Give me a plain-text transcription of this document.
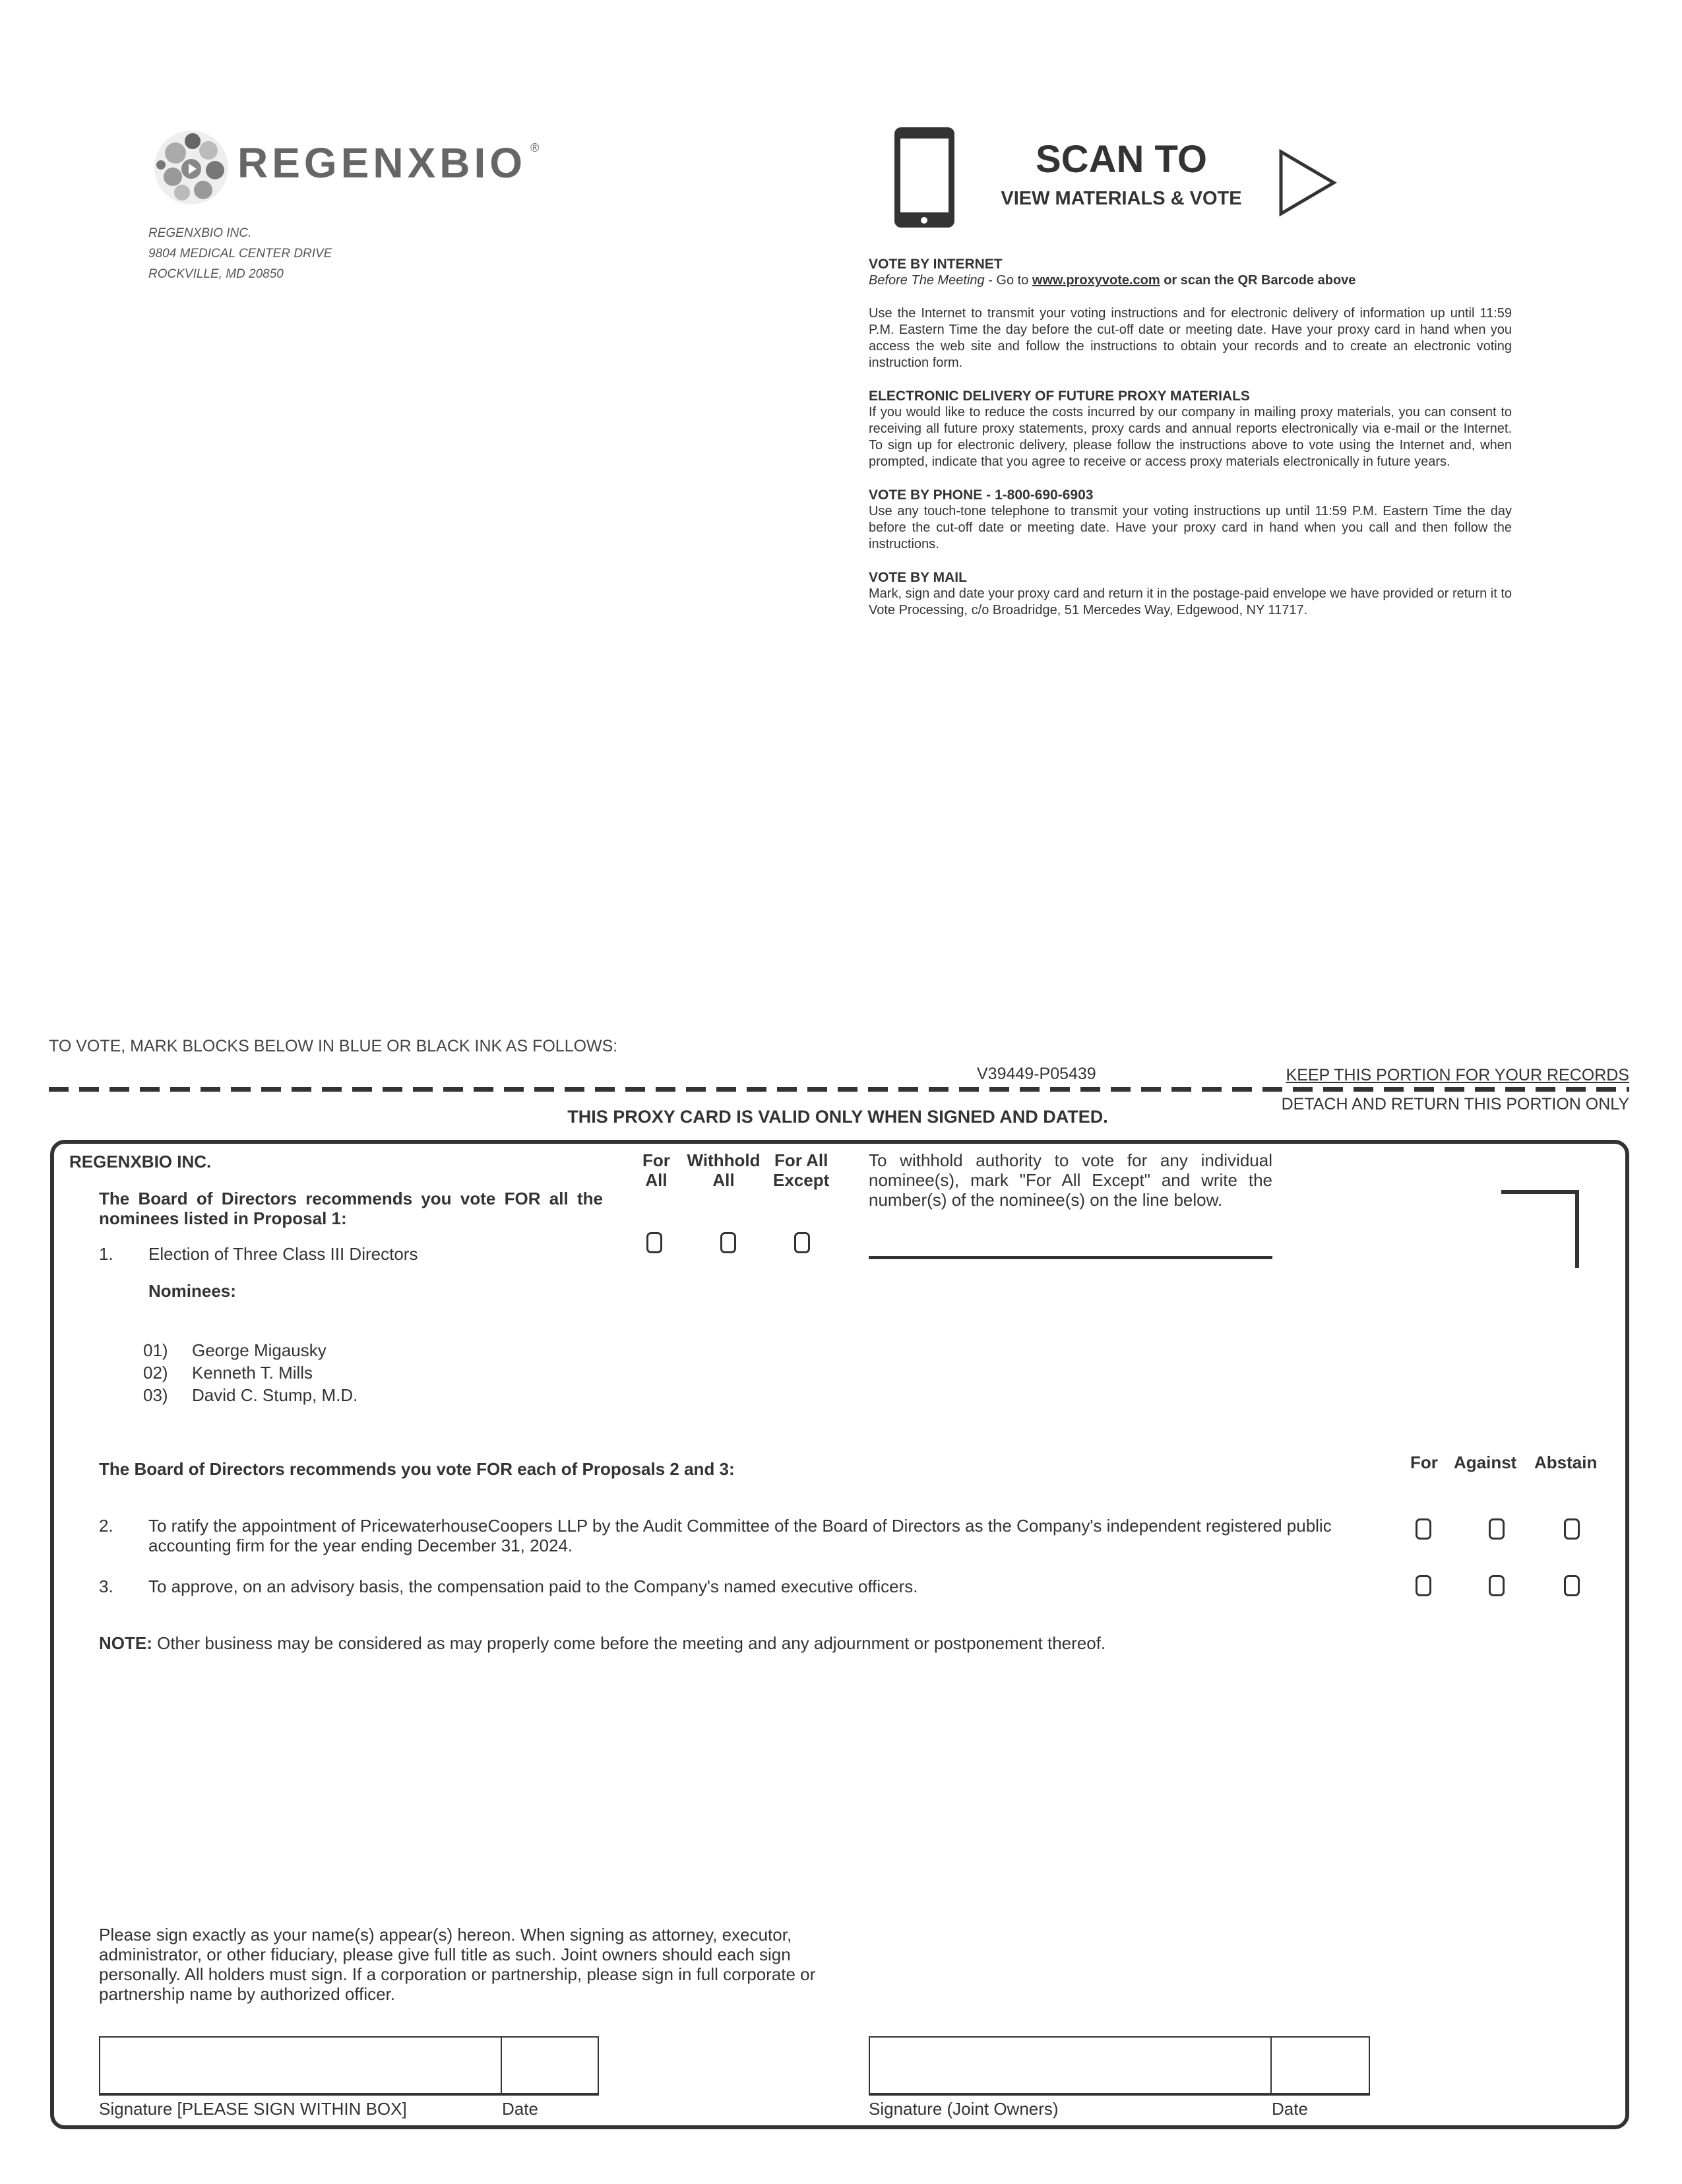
REGENXBIO ®
REGENXBIO INC.
9804 MEDICAL CENTER DRIVE
ROCKVILLE, MD 20850
SCAN TO
VIEW MATERIALS & VOTE
VOTE BY INTERNET

Before The Meeting - Go to www.proxyvote.com or scan the QR Barcode above

Use the Internet to transmit your voting instructions and for electronic delivery of information up until 11:59 P.M. Eastern Time the day before the cut-off date or meeting date. Have your proxy card in hand when you access the web site and follow the instructions to obtain your records and to create an electronic voting instruction form.

ELECTRONIC DELIVERY OF FUTURE PROXY MATERIALS

If you would like to reduce the costs incurred by our company in mailing proxy materials, you can consent to receiving all future proxy statements, proxy cards and annual reports electronically via e-mail or the Internet. To sign up for electronic delivery, please follow the instructions above to vote using the Internet and, when prompted, indicate that you agree to receive or access proxy materials electronically in future years.

VOTE BY PHONE - 1-800-690-6903

Use any touch-tone telephone to transmit your voting instructions up until 11:59 P.M. Eastern Time the day before the cut-off date or meeting date. Have your proxy card in hand when you call and then follow the instructions.

VOTE BY MAIL

Mark, sign and date your proxy card and return it in the postage-paid envelope we have provided or return it to Vote Processing, c/o Broadridge, 51 Mercedes Way, Edgewood, NY 11717.

TO VOTE, MARK BLOCKS BELOW IN BLUE OR BLACK INK AS FOLLOWS:
V39449-P05439	KEEP THIS PORTION FOR YOUR RECORDS
DETACH AND RETURN THIS PORTION ONLY
THIS PROXY CARD IS VALID ONLY WHEN SIGNED AND DATED.
REGENXBIO INC.
The Board of Directors recommends you vote FOR all the nominees listed in Proposal 1:
1. Election of Three Class III Directors
Nominees:
01) George Migausky
02) Kenneth T. Mills
03) David C. Stump, M.D.
For
All
Withhold
All
For All
Except
To withhold authority to vote for any individual nominee(s), mark "For All Except" and write the number(s) of the nominee(s) on the line below.
The Board of Directors recommends you vote FOR each of Proposals 2 and 3:	For Against Abstain
2. To ratify the appointment of PricewaterhouseCoopers LLP by the Audit Committee of the Board of Directors as the Company's independent registered public accounting firm for the year ending December 31, 2024.
3. To approve, on an advisory basis, the compensation paid to the Company's named executive officers.
NOTE: Other business may be considered as may properly come before the meeting and any adjournment or postponement thereof.
Please sign exactly as your name(s) appear(s) hereon. When signing as attorney, executor, administrator, or other fiduciary, please give full title as such. Joint owners should each sign personally. All holders must sign. If a corporation or partnership, please sign in full corporate or partnership name by authorized officer.
Signature [PLEASE SIGN WITHIN BOX]	Date	Signature (Joint Owners)	Date
